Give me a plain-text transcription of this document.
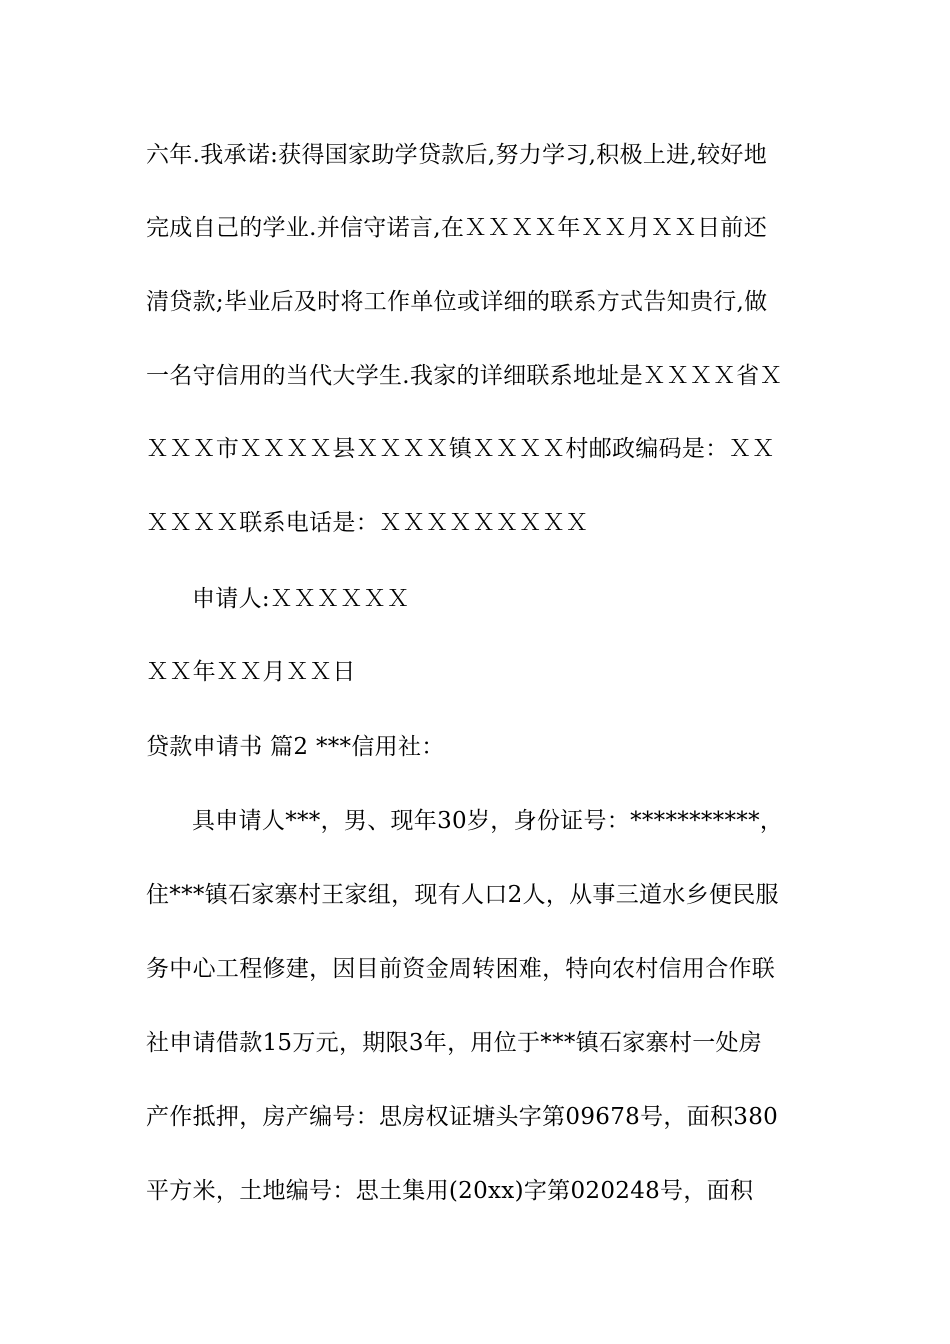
六年.我承诺:获得国家助学贷款后,努力学习,积极上进,较好地
完成自己的学业.并信守诺言,在ＸＸＸＸ年ＸＸ月ＸＸ日前还
清贷款;毕业后及时将工作单位或详细的联系方式告知贵行,做
一名守信用的当代大学生.我家的详细联系地址是ＸＸＸＸ省Ｘ
ＸＸＸ市ＸＸＸＸ县ＸＸＸＸ镇ＸＸＸＸ村邮政编码是：ＸＸ
ＸＸＸＸ联系电话是：ＸＸＸＸＸＸＸＸＸ
申请人:ＸＸＸＸＸＸ
ＸＸ年ＸＸ月ＸＸ日
贷款申请书 篇2 ***信用社：
具申请人***，男、现年30岁，身份证号：***********，
住***镇石家寨村王家组，现有人口2人，从事三道水乡便民服
务中心工程修建，因目前资金周转困难，特向农村信用合作联
社申请借款15万元，期限3年，用位于***镇石家寨村一处房
产作抵押，房产编号：思房权证塘头字第09678号，面积380
平方米，土地编号：思土集用(20xx)字第020248号，面积
